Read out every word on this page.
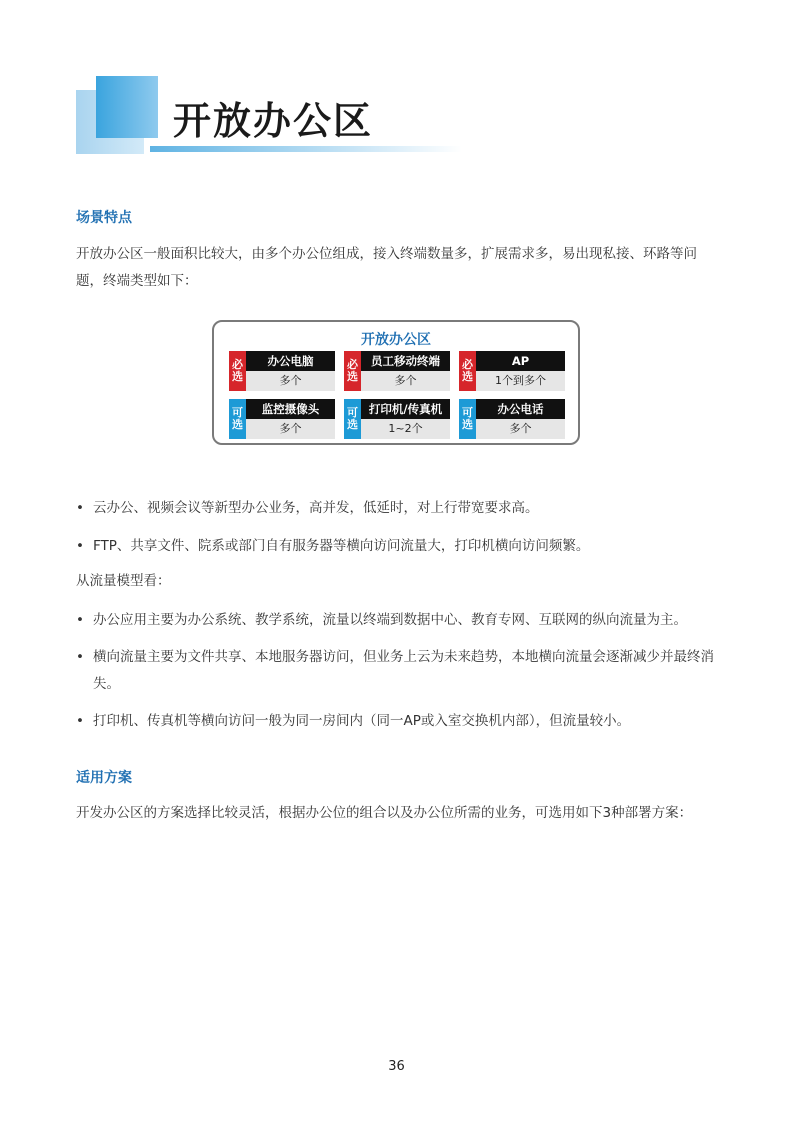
开放办公区
场景特点
开放办公区一般面积比较大，由多个办公位组成，接入终端数量多，扩展需求多，易出现私接、环路等问题，终端类型如下：
开放办公区
必
选
办公电脑
多个
必
选
员工移动终端
多个
必
选
AP
1个到多个
可
选
监控摄像头
多个
可
选
打印机/传真机
1~2个
可
选
办公电话
多个
• 云办公、视频会议等新型办公业务，高并发，低延时，对上行带宽要求高。
• FTP、共享文件、院系或部门自有服务器等横向访问流量大，打印机横向访问频繁。
从流量模型看：
• 办公应用主要为办公系统、教学系统，流量以终端到数据中心、教育专网、互联网的纵向流量为主。
• 横向流量主要为文件共享、本地服务器访问，但业务上云为未来趋势，本地横向流量会逐渐减少并最终消失。
• 打印机、传真机等横向访问一般为同一房间内（同一AP或入室交换机内部），但流量较小。
适用方案
开发办公区的方案选择比较灵活，根据办公位的组合以及办公位所需的业务，可选用如下3种部署方案：
36
